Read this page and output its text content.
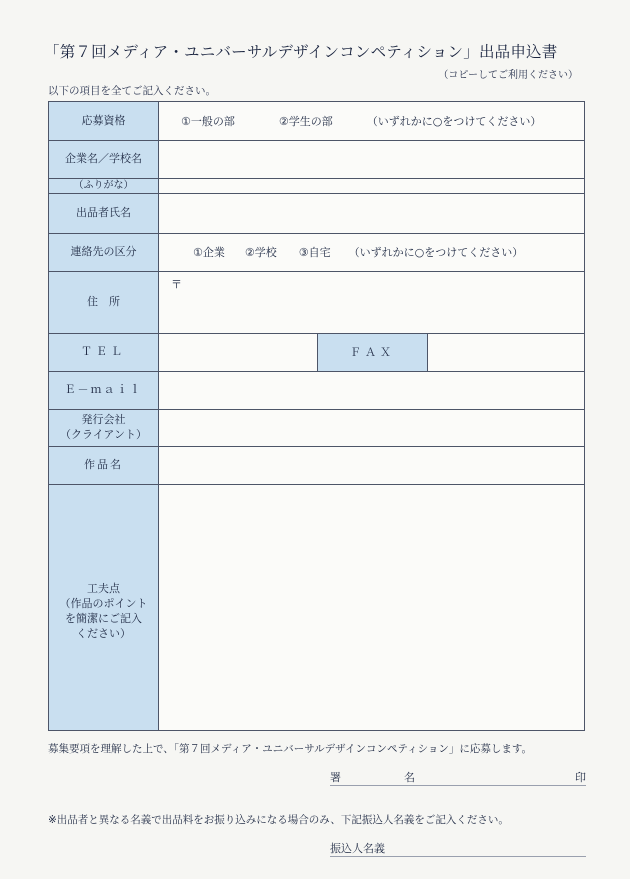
「第７回メディア・ユニバーサルデザインコンペティション」出品申込書
（コピーしてご利用ください）
以下の項目を全てご記入ください。
応募資格	①一般の部 ②学生の部 （いずれかに○をつけてください）		

企業名／学校名			
（ふりがな）			
出品者氏名			
連絡先の区分	①企業 ②学校 ③自宅 （いずれかに○をつけてください）		

住　所	〒		

ＴＥＬ		ＦＡＸ	
Ｅ－ｍａｉｌ			

発行会社
（クライアント）			

作品名			

工夫点
（作品のポイント
を簡潔にご記入
ください）			

募集要項を理解した上で、「第７回メディア・ユニバーサルデザインコンペティション」に応募します。
署　名	印
※出品者と異なる名義で出品料をお振り込みになる場合のみ、下記振込人名義をご記入ください。
振込人名義
